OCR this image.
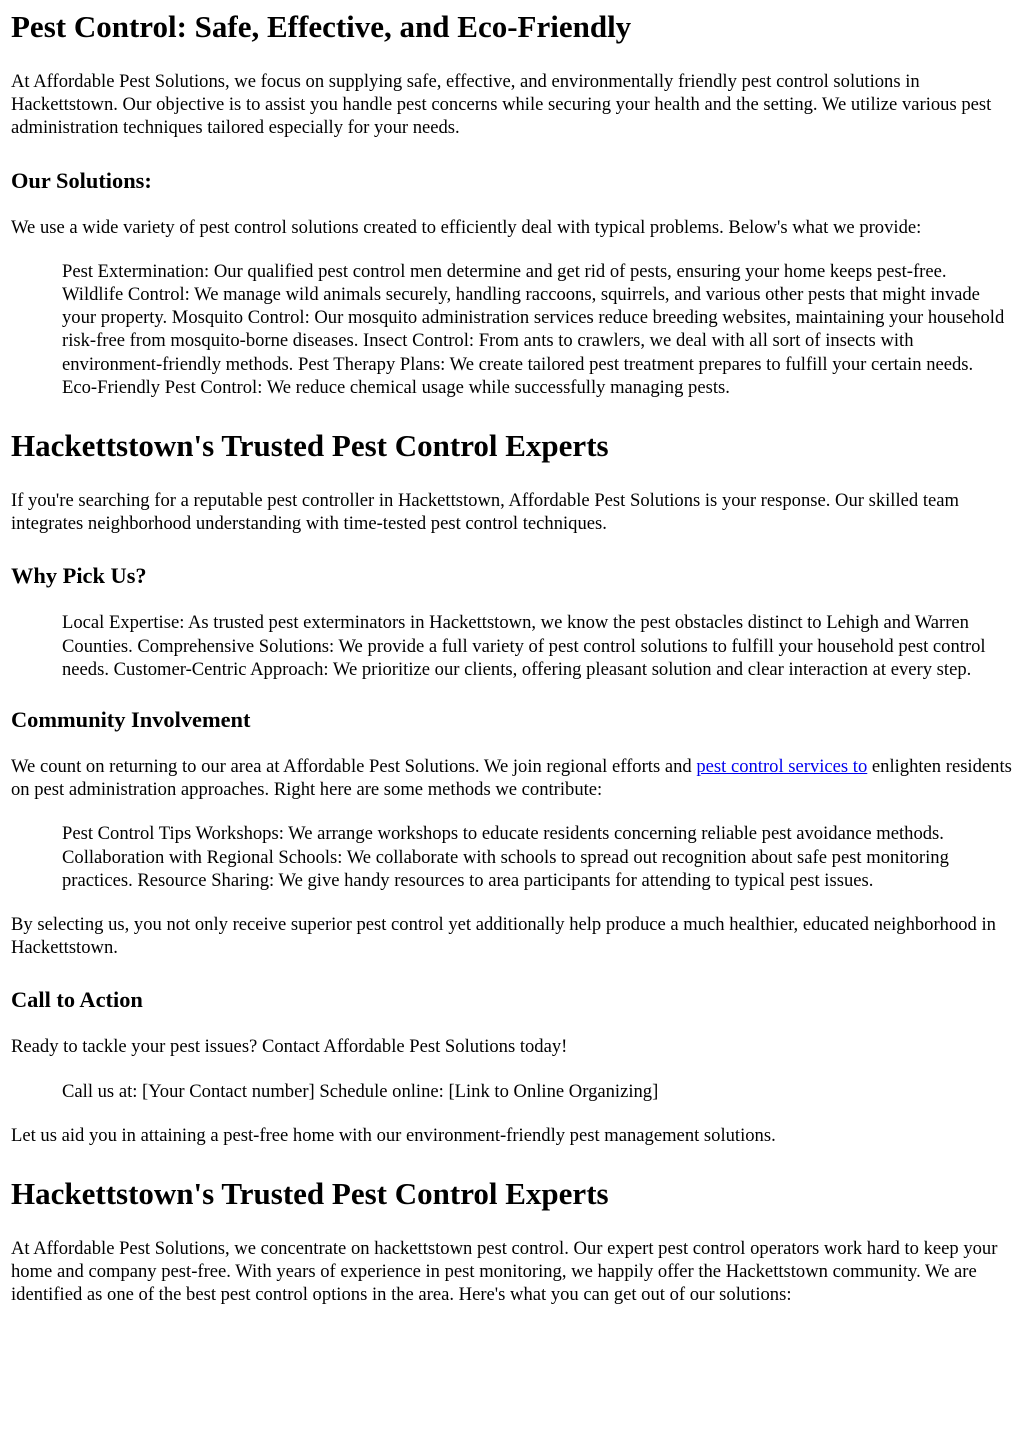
Pest Control: Safe, Effective, and Eco-Friendly

At Affordable Pest Solutions, we focus on supplying safe, effective, and environmentally friendly pest control solutions in Hackettstown. Our objective is to assist you handle pest concerns while securing your health and the setting. We utilize various pest administration techniques tailored especially for your needs.

Our Solutions:

We use a wide variety of pest control solutions created to efficiently deal with typical problems. Below's what we provide:

Pest Extermination: Our qualified pest control men determine and get rid of pests, ensuring your home keeps pest-free. Wildlife Control: We manage wild animals securely, handling raccoons, squirrels, and various other pests that might invade your property. Mosquito Control: Our mosquito administration services reduce breeding websites, maintaining your household risk-free from mosquito-borne diseases. Insect Control: From ants to crawlers, we deal with all sort of insects with environment-friendly methods. Pest Therapy Plans: We create tailored pest treatment prepares to fulfill your certain needs. Eco-Friendly Pest Control: We reduce chemical usage while successfully managing pests.
Hackettstown's Trusted Pest Control Experts

If you're searching for a reputable pest controller in Hackettstown, Affordable Pest Solutions is your response. Our skilled team integrates neighborhood understanding with time-tested pest control techniques.

Why Pick Us?
Local Expertise: As trusted pest exterminators in Hackettstown, we know the pest obstacles distinct to Lehigh and Warren Counties. Comprehensive Solutions: We provide a full variety of pest control solutions to fulfill your household pest control needs. Customer-Centric Approach: We prioritize our clients, offering pleasant solution and clear interaction at every step.
Community Involvement

We count on returning to our area at Affordable Pest Solutions. We join regional efforts and pest control services to enlighten residents on pest administration approaches. Right here are some methods we contribute:

Pest Control Tips Workshops: We arrange workshops to educate residents concerning reliable pest avoidance methods. Collaboration with Regional Schools: We collaborate with schools to spread out recognition about safe pest monitoring practices. Resource Sharing: We give handy resources to area participants for attending to typical pest issues.

By selecting us, you not only receive superior pest control yet additionally help produce a much healthier, educated neighborhood in Hackettstown.

Call to Action

Ready to tackle your pest issues? Contact Affordable Pest Solutions today!

Call us at: [Your Contact number] Schedule online: [Link to Online Organizing]

Let us aid you in attaining a pest-free home with our environment-friendly pest management solutions.

Hackettstown's Trusted Pest Control Experts

At Affordable Pest Solutions, we concentrate on hackettstown pest control. Our expert pest control operators work hard to keep your home and company pest-free. With years of experience in pest monitoring, we happily offer the Hackettstown community. We are identified as one of the best pest control options in the area. Here's what you can get out of our solutions:
